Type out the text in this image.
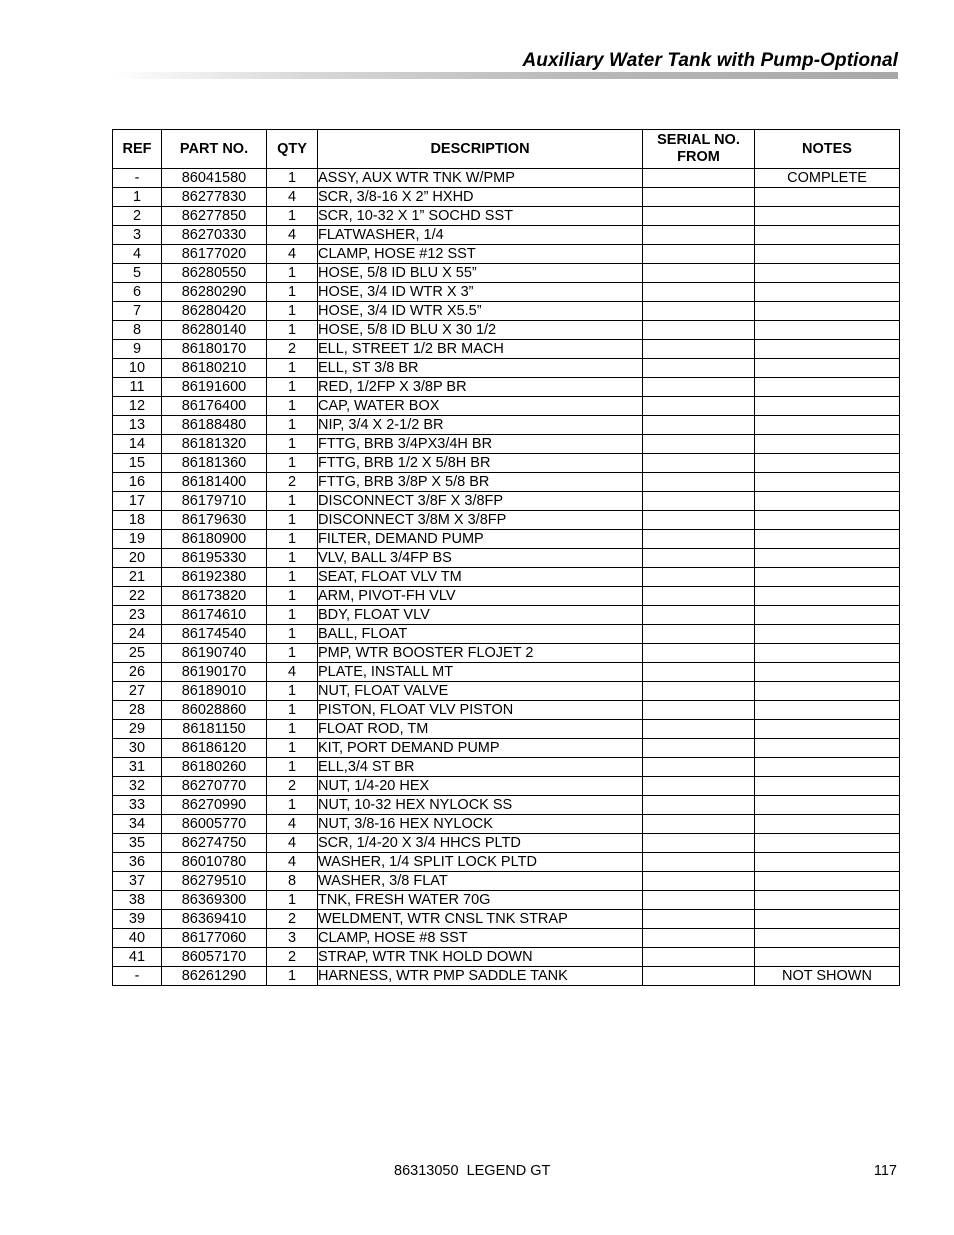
Auxiliary Water Tank with Pump-Optional
REF	PART NO.	QTY	DESCRIPTION	SERIAL NO. FROM	NOTES
-	86041580	1	ASSY, AUX WTR TNK W/PMP		COMPLETE
1	86277830	4	SCR, 3/8-16 X 2” HXHD		
2	86277850	1	SCR, 10-32 X 1” SOCHD SST		
3	86270330	4	FLATWASHER, 1/4		
4	86177020	4	CLAMP, HOSE #12 SST		
5	86280550	1	HOSE, 5/8 ID BLU X 55”		
6	86280290	1	HOSE, 3/4 ID WTR X 3”		
7	86280420	1	HOSE, 3/4 ID WTR X5.5”		
8	86280140	1	HOSE, 5/8 ID BLU X 30 1/2		
9	86180170	2	ELL, STREET 1/2 BR MACH		
10	86180210	1	ELL, ST 3/8 BR		
11	86191600	1	RED, 1/2FP X 3/8P BR		
12	86176400	1	CAP, WATER BOX		
13	86188480	1	NIP, 3/4 X 2-1/2 BR		
14	86181320	1	FTTG, BRB 3/4PX3/4H BR		
15	86181360	1	FTTG, BRB 1/2 X 5/8H BR		
16	86181400	2	FTTG, BRB 3/8P X 5/8 BR		
17	86179710	1	DISCONNECT 3/8F X 3/8FP		
18	86179630	1	DISCONNECT 3/8M X 3/8FP		
19	86180900	1	FILTER, DEMAND PUMP		
20	86195330	1	VLV, BALL 3/4FP BS		
21	86192380	1	SEAT, FLOAT VLV TM		
22	86173820	1	ARM, PIVOT-FH VLV		
23	86174610	1	BDY, FLOAT VLV		
24	86174540	1	BALL, FLOAT		
25	86190740	1	PMP, WTR BOOSTER FLOJET 2		
26	86190170	4	PLATE, INSTALL MT		
27	86189010	1	NUT, FLOAT VALVE		
28	86028860	1	PISTON, FLOAT VLV PISTON		
29	86181150	1	FLOAT ROD, TM		
30	86186120	1	KIT, PORT DEMAND PUMP		
31	86180260	1	ELL,3/4 ST BR		
32	86270770	2	NUT, 1/4-20 HEX		
33	86270990	1	NUT, 10-32 HEX NYLOCK SS		
34	86005770	4	NUT, 3/8-16 HEX NYLOCK		
35	86274750	4	SCR, 1/4-20 X 3/4 HHCS PLTD		
36	86010780	4	WASHER, 1/4 SPLIT LOCK PLTD		
37	86279510	8	WASHER, 3/8 FLAT		
38	86369300	1	TNK, FRESH WATER 70G		
39	86369410	2	WELDMENT, WTR CNSL TNK STRAP		
40	86177060	3	CLAMP, HOSE #8 SST		
41	86057170	2	STRAP, WTR TNK HOLD DOWN		
-	86261290	1	HARNESS, WTR PMP SADDLE TANK		NOT SHOWN
86313050  LEGEND GT	117
